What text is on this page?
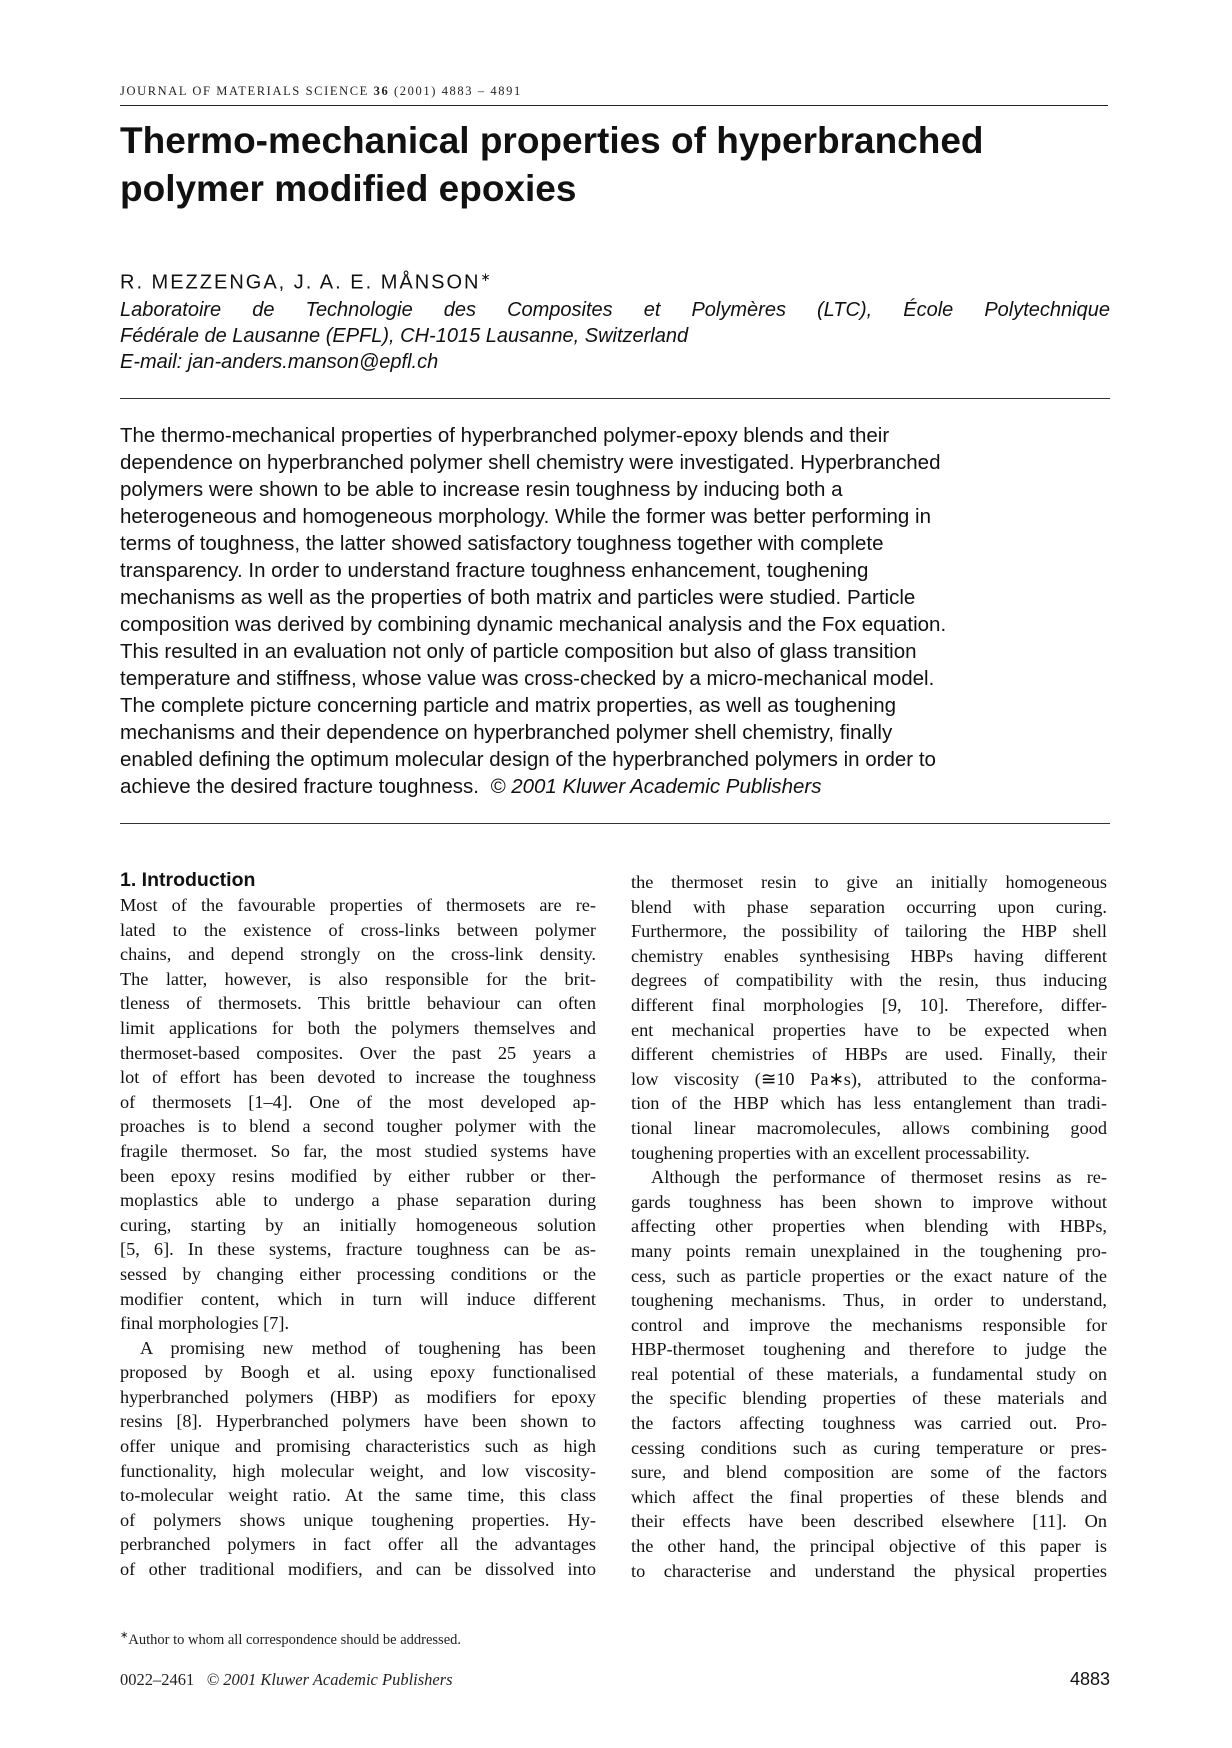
JOURNAL OF MATERIALS SCIENCE 36 (2001) 4883 – 4891
Thermo-mechanical properties of hyperbranched polymer modified epoxies
R. MEZZENGA, J. A. E. MÅNSON∗
Laboratoire de Technologie des Composites et Polymères (LTC), École Polytechnique
Fédérale de Lausanne (EPFL), CH-1015 Lausanne, Switzerland
E-mail: jan-anders.manson@epfl.ch
The thermo-mechanical properties of hyperbranched polymer-epoxy blends and their
dependence on hyperbranched polymer shell chemistry were investigated. Hyperbranched
polymers were shown to be able to increase resin toughness by inducing both a
heterogeneous and homogeneous morphology. While the former was better performing in
terms of toughness, the latter showed satisfactory toughness together with complete
transparency. In order to understand fracture toughness enhancement, toughening
mechanisms as well as the properties of both matrix and particles were studied. Particle
composition was derived by combining dynamic mechanical analysis and the Fox equation.
This resulted in an evaluation not only of particle composition but also of glass transition
temperature and stiffness, whose value was cross-checked by a micro-mechanical model.
The complete picture concerning particle and matrix properties, as well as toughening
mechanisms and their dependence on hyperbranched polymer shell chemistry, finally
enabled defining the optimum molecular design of the hyperbranched polymers in order to
achieve the desired fracture toughness. © 2001 Kluwer Academic Publishers
1. Introduction
Most of the favourable properties of thermosets are re-
lated to the existence of cross-links between polymer
chains, and depend strongly on the cross-link density.
The latter, however, is also responsible for the brit-
tleness of thermosets. This brittle behaviour can often
limit applications for both the polymers themselves and
thermoset-based composites. Over the past 25 years a
lot of effort has been devoted to increase the toughness
of thermosets [1–4]. One of the most developed ap-
proaches is to blend a second tougher polymer with the
fragile thermoset. So far, the most studied systems have
been epoxy resins modified by either rubber or ther-
moplastics able to undergo a phase separation during
curing, starting by an initially homogeneous solution
[5, 6]. In these systems, fracture toughness can be as-
sessed by changing either processing conditions or the
modifier content, which in turn will induce different
final morphologies [7].
A promising new method of toughening has been
proposed by Boogh et al. using epoxy functionalised
hyperbranched polymers (HBP) as modifiers for epoxy
resins [8]. Hyperbranched polymers have been shown to
offer unique and promising characteristics such as high
functionality, high molecular weight, and low viscosity-
to-molecular weight ratio. At the same time, this class
of polymers shows unique toughening properties. Hy-
perbranched polymers in fact offer all the advantages
of other traditional modifiers, and can be dissolved into
the thermoset resin to give an initially homogeneous
blend with phase separation occurring upon curing.
Furthermore, the possibility of tailoring the HBP shell
chemistry enables synthesising HBPs having different
degrees of compatibility with the resin, thus inducing
different final morphologies [9, 10]. Therefore, differ-
ent mechanical properties have to be expected when
different chemistries of HBPs are used. Finally, their
low viscosity (≅10 Pa∗s), attributed to the conforma-
tion of the HBP which has less entanglement than tradi-
tional linear macromolecules, allows combining good
toughening properties with an excellent processability.
Although the performance of thermoset resins as re-
gards toughness has been shown to improve without
affecting other properties when blending with HBPs,
many points remain unexplained in the toughening pro-
cess, such as particle properties or the exact nature of the
toughening mechanisms. Thus, in order to understand,
control and improve the mechanisms responsible for
HBP-thermoset toughening and therefore to judge the
real potential of these materials, a fundamental study on
the specific blending properties of these materials and
the factors affecting toughness was carried out. Pro-
cessing conditions such as curing temperature or pres-
sure, and blend composition are some of the factors
which affect the final properties of these blends and
their effects have been described elsewhere [11]. On
the other hand, the principal objective of this paper is
to characterise and understand the physical properties
∗Author to whom all correspondence should be addressed.
0022–2461 © 2001 Kluwer Academic Publishers	4883
